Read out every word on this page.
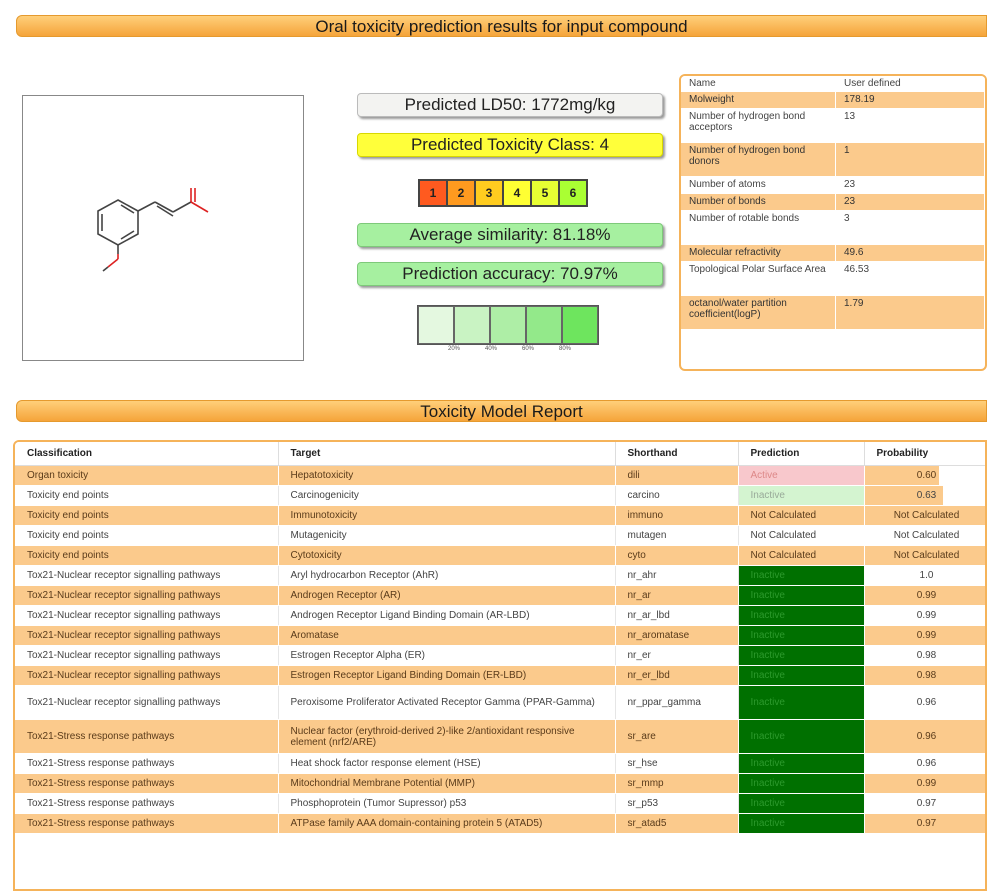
Oral toxicity prediction results for input compound
Predicted LD50: 1772mg/kg
Predicted Toxicity Class: 4
1	2	3	4	5	6
Average similarity: 81.18%
Prediction accuracy: 70.97%
20%	40%	60%	80%
Name	User defined
Molweight	178.19
Number of hydrogen bond acceptors	13
Number of hydrogen bond donors	1
Number of atoms	23
Number of bonds	23
Number of rotable bonds	3
Molecular refractivity	49.6
Topological Polar Surface Area	46.53
octanol/water partition coefficient(logP)	1.79
Toxicity Model Report
Classification	Target	Shorthand	Prediction	Probability
Organ toxicity	Hepatotoxicity	dili	Active	0.60
Toxicity end points	Carcinogenicity	carcino	Inactive	0.63
Toxicity end points	Immunotoxicity	immuno	Not Calculated	Not Calculated
Toxicity end points	Mutagenicity	mutagen	Not Calculated	Not Calculated
Toxicity end points	Cytotoxicity	cyto	Not Calculated	Not Calculated
Tox21-Nuclear receptor signalling pathways	Aryl hydrocarbon Receptor (AhR)	nr_ahr	Inactive	1.0
Tox21-Nuclear receptor signalling pathways	Androgen Receptor (AR)	nr_ar	Inactive	0.99
Tox21-Nuclear receptor signalling pathways	Androgen Receptor Ligand Binding Domain (AR-LBD)	nr_ar_lbd	Inactive	0.99
Tox21-Nuclear receptor signalling pathways	Aromatase	nr_aromatase	Inactive	0.99
Tox21-Nuclear receptor signalling pathways	Estrogen Receptor Alpha (ER)	nr_er	Inactive	0.98
Tox21-Nuclear receptor signalling pathways	Estrogen Receptor Ligand Binding Domain (ER-LBD)	nr_er_lbd	Inactive	0.98
Tox21-Nuclear receptor signalling pathways	Peroxisome Proliferator Activated Receptor Gamma (PPAR-Gamma)	nr_ppar_gamma	Inactive	0.96
Tox21-Stress response pathways	Nuclear factor (erythroid-derived 2)-like 2/antioxidant responsive element (nrf2/ARE)	sr_are	Inactive	0.96
Tox21-Stress response pathways	Heat shock factor response element (HSE)	sr_hse	Inactive	0.96
Tox21-Stress response pathways	Mitochondrial Membrane Potential (MMP)	sr_mmp	Inactive	0.99
Tox21-Stress response pathways	Phosphoprotein (Tumor Supressor) p53	sr_p53	Inactive	0.97
Tox21-Stress response pathways	ATPase family AAA domain-containing protein 5 (ATAD5)	sr_atad5	Inactive	0.97
